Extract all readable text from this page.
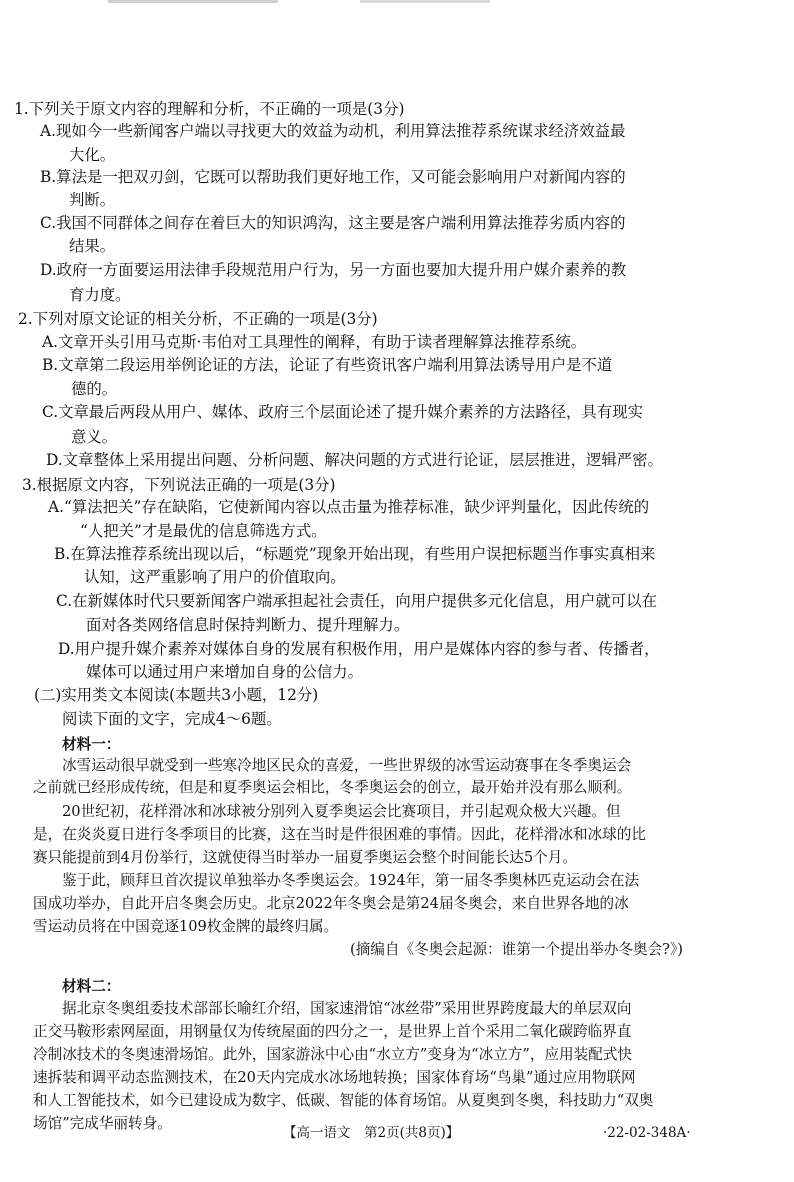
1.下列关于原文内容的理解和分析，不正确的一项是(3分)
A.现如今一些新闻客户端以寻找更大的效益为动机，利用算法推荐系统谋求经济效益最
大化。
B.算法是一把双刃剑，它既可以帮助我们更好地工作，又可能会影响用户对新闻内容的
判断。
C.我国不同群体之间存在着巨大的知识鸿沟，这主要是客户端利用算法推荐劣质内容的
结果。
D.政府一方面要运用法律手段规范用户行为，另一方面也要加大提升用户媒介素养的教
育力度。
2.下列对原文论证的相关分析，不正确的一项是(3分)
A.文章开头引用马克斯·韦伯对工具理性的阐释，有助于读者理解算法推荐系统。
B.文章第二段运用举例论证的方法，论证了有些资讯客户端利用算法诱导用户是不道
德的。
C.文章最后两段从用户、媒体、政府三个层面论述了提升媒介素养的方法路径，具有现实
意义。
D.文章整体上采用提出问题、分析问题、解决问题的方式进行论证，层层推进，逻辑严密。
3.根据原文内容，下列说法正确的一项是(3分)
A.“算法把关”存在缺陷，它使新闻内容以点击量为推荐标准，缺少评判量化，因此传统的
“人把关”才是最优的信息筛选方式。
B.在算法推荐系统出现以后，“标题党”现象开始出现，有些用户误把标题当作事实真相来
认知，这严重影响了用户的价值取向。
C.在新媒体时代只要新闻客户端承担起社会责任，向用户提供多元化信息，用户就可以在
面对各类网络信息时保持判断力、提升理解力。
D.用户提升媒介素养对媒体自身的发展有积极作用，用户是媒体内容的参与者、传播者，
媒体可以通过用户来增加自身的公信力。
(二)实用类文本阅读(本题共3小题，12分)
阅读下面的文字，完成4～6题。
材料一：
冰雪运动很早就受到一些寒冷地区民众的喜爱，一些世界级的冰雪运动赛事在冬季奥运会
之前就已经形成传统，但是和夏季奥运会相比，冬季奥运会的创立，最开始并没有那么顺利。
20世纪初，花样滑冰和冰球被分别列入夏季奥运会比赛项目，并引起观众极大兴趣。但
是，在炎炎夏日进行冬季项目的比赛，这在当时是件很困难的事情。因此，花样滑冰和冰球的比
赛只能提前到4月份举行，这就使得当时举办一届夏季奥运会整个时间能长达5个月。
鉴于此，顾拜旦首次提议单独举办冬季奥运会。1924年，第一届冬季奥林匹克运动会在法
国成功举办，自此开启冬奥会历史。北京2022年冬奥会是第24届冬奥会，来自世界各地的冰
雪运动员将在中国竞逐109枚金牌的最终归属。
(摘编自《冬奥会起源：谁第一个提出举办冬奥会?》)
材料二：
据北京冬奥组委技术部部长喻红介绍，国家速滑馆“冰丝带”采用世界跨度最大的单层双向
正交马鞍形索网屋面，用钢量仅为传统屋面的四分之一，是世界上首个采用二氧化碳跨临界直
冷制冰技术的冬奥速滑场馆。此外，国家游泳中心由“水立方”变身为“冰立方”，应用装配式快
速拆装和调平动态监测技术，在20天内完成水冰场地转换；国家体育场“鸟巢”通过应用物联网
和人工智能技术，如今已建设成为数字、低碳、智能的体育场馆。从夏奥到冬奥，科技助力“双奥
场馆”完成华丽转身。
【高一语文　第2页(共8页)】	·22-02-348A·
